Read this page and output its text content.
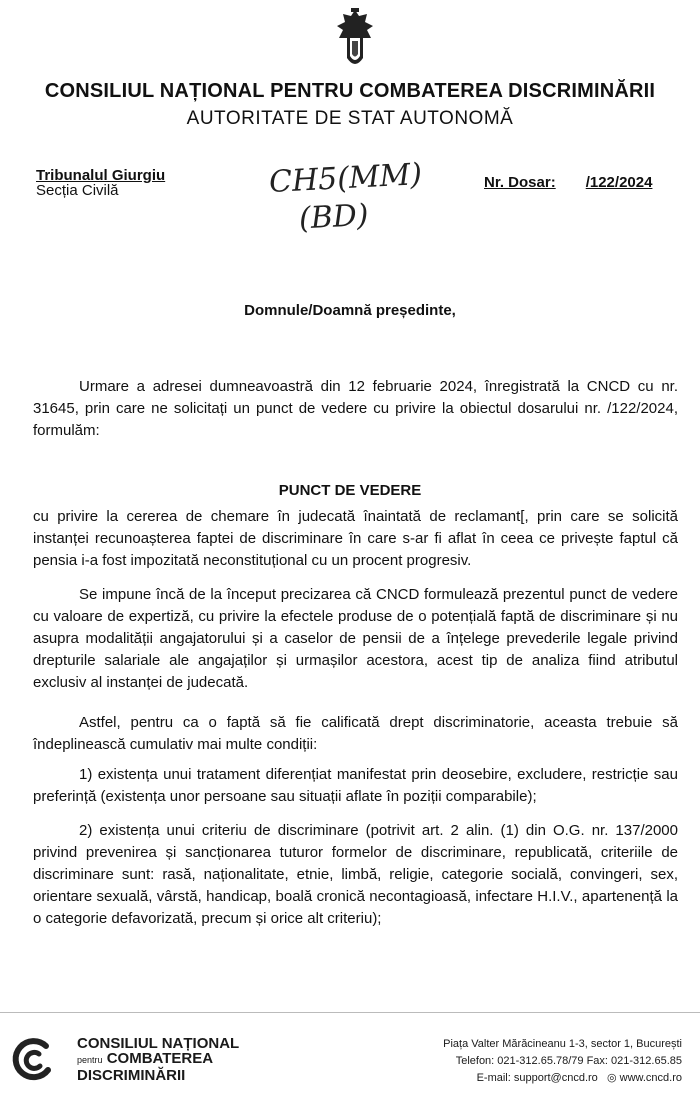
CONSILIUL NAȚIONAL PENTRU COMBATEREA DISCRIMINĂRII
AUTORITATE DE STAT AUTONOMĂ
Tribunalul Giurgiu
Secția Civilă	CH5(MM)
(BD)
Nr. Dosar: /122/2024
Domnule/Doamnă președinte,
Urmare a adresei dumneavoastră din 12 februarie 2024, înregistrată la CNCD cu nr. 31645, prin care ne solicitați un punct de vedere cu privire la obiectul dosarului nr. /122/2024, formulăm:
PUNCT DE VEDERE
cu privire la cererea de chemare în judecată înaintată de reclamant[, prin care se solicită instanței recunoașterea faptei de discriminare în care s-ar fi aflat în ceea ce privește faptul că pensia i-a fost impozitată neconstituțional cu un procent progresiv.
Se impune încă de la început precizarea că CNCD formulează prezentul punct de vedere cu valoare de expertiză, cu privire la efectele produse de o potențială faptă de discriminare și nu asupra modalității angajatorului și a caselor de pensii de a înțelege prevederile legale privind drepturile salariale ale angajaților și urmașilor acestora, acest tip de analiza fiind atributul exclusiv al instanței de judecată.
Astfel, pentru ca o faptă să fie calificată drept discriminatorie, aceasta trebuie să îndeplinească cumulativ mai multe condiții:
1) existența unui tratament diferențiat manifestat prin deosebire, excludere, restricție sau preferință (existența unor persoane sau situații aflate în poziții comparabile);
2) existența unui criteriu de discriminare (potrivit art. 2 alin. (1) din O.G. nr. 137/2000 privind prevenirea și sancționarea tuturor formelor de discriminare, republicată, criteriile de discriminare sunt: rasă, naționalitate, etnie, limbă, religie, categorie socială, convingeri, sex, orientare sexuală, vârstă, handicap, boală cronică necontagioasă, infectare H.I.V., apartenență la o categorie defavorizată, precum și orice alt criteriu);
CONSILIUL NAȚIONAL
pentru COMBATEREA
DISCRIMINĂRII
Piața Valter Mărăcineanu 1-3, sector 1, București
Telefon: 021-312.65.78/79 Fax: 021-312.65.85
E-mail: support@cncd.ro ◎ www.cncd.ro
